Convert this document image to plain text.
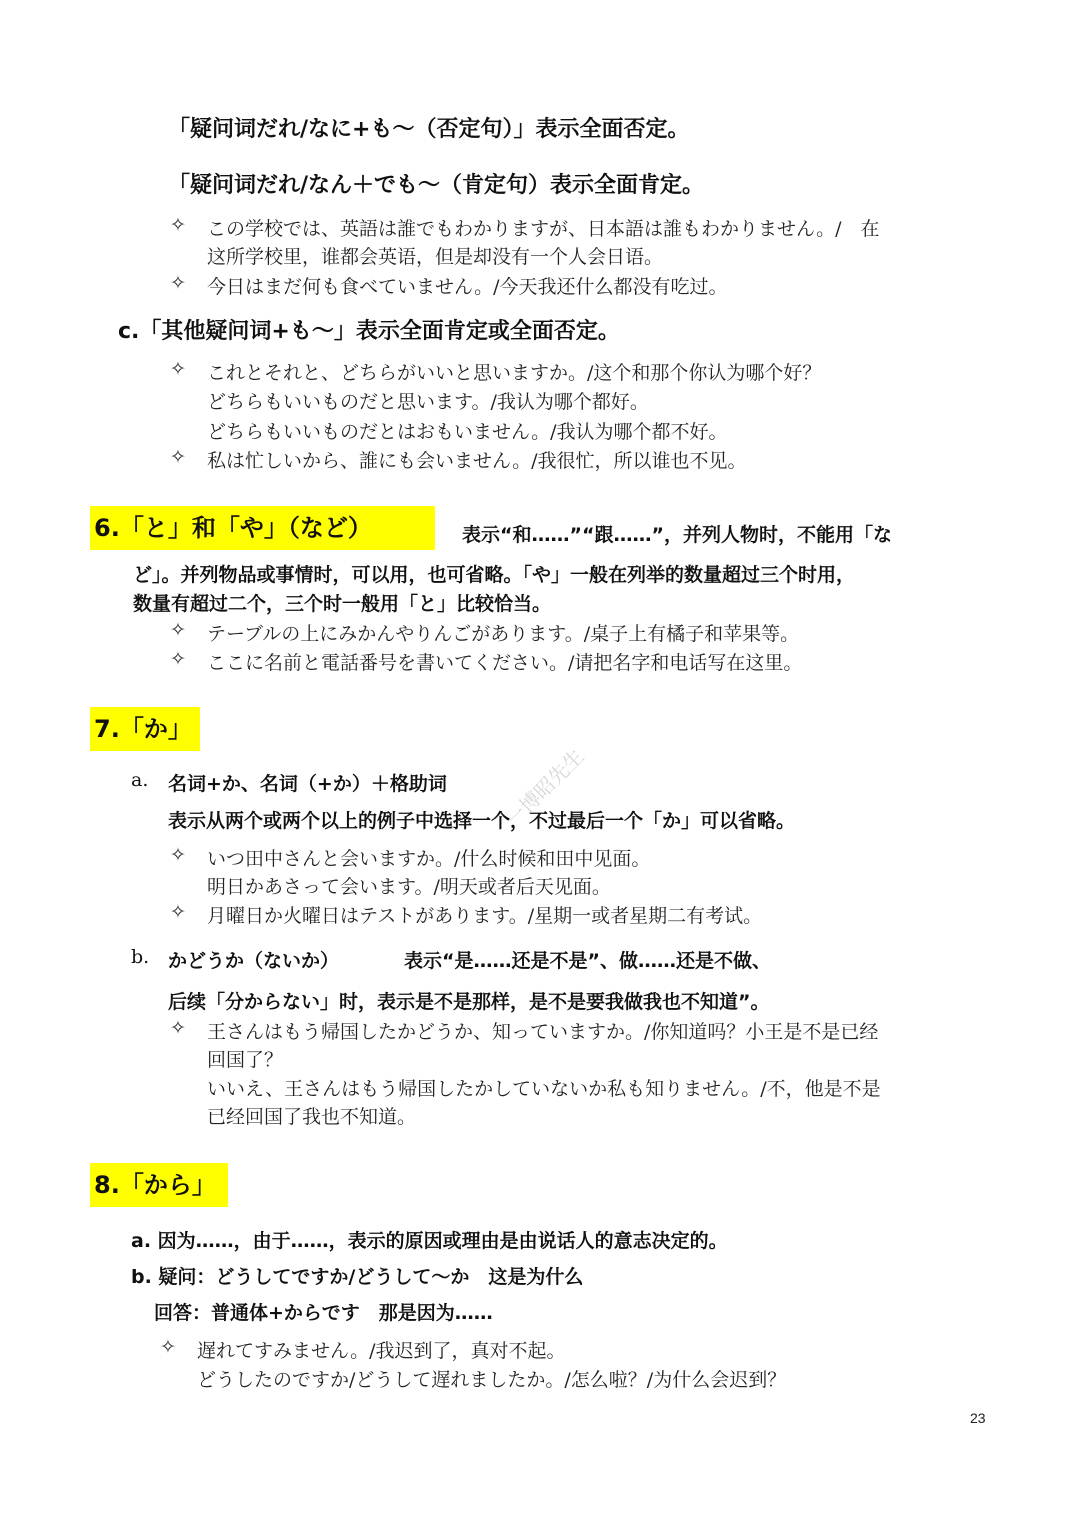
「疑问词だれ/なに+も～（否定句）」表示全面否定。
「疑问词だれ/なん＋でも～（肯定句）表示全面肯定。
✧ この学校では、英語は誰でもわかりますが、日本語は誰もわかりません。/　在
这所学校里，谁都会英语，但是却没有一个人会日语。
✧ 今日はまだ何も食べていません。/今天我还什么都没有吃过。
c.「其他疑问词+も～」表示全面肯定或全面否定。
✧ これとそれと、どちらがいいと思いますか。/这个和那个你认为哪个好？
どちらもいいものだと思います。/我认为哪个都好。
どちらもいいものだとはおもいません。/我认为哪个都不好。
✧ 私は忙しいから、誰にも会いません。/我很忙，所以谁也不见。
6.「と」和「や」（など）	表示“和……”“跟……”，并列人物时，不能用「な
ど」。并列物品或事情时，可以用，也可省略。「や」一般在列举的数量超过三个时用，
数量有超过二个，三个时一般用「と」比较恰当。
✧ テーブルの上にみかんやりんごがあります。/桌子上有橘子和苹果等。
✧ ここに名前と電話番号を書いてください。/请把名字和电话写在这里。
7.「か」
a. 名词+か、名词（+か）＋格助词
表示从两个或两个以上的例子中选择一个，不过最后一个「か」可以省略。
✧ いつ田中さんと会いますか。/什么时候和田中见面。
明日かあさって会います。/明天或者后天见面。
✧ 月曜日か火曜日はテストがあります。/星期一或者星期二有考试。
b. かどうか（ないか）	表示“是……还是不是”、做……还是不做、
后续「分からない」时，表示是不是那样，是不是要我做我也不知道”。
✧ 王さんはもう帰国したかどうか、知っていますか。/你知道吗？小王是不是已经
回国了？
いいえ、王さんはもう帰国したかしていないか私も知りません。/不，他是不是
已经回国了我也不知道。
8.「から」
a. 因为……，由于……，表示的原因或理由是由说话人的意志决定的。
b. 疑问：どうしてですか/どうして～か　这是为什么
回答：普通体+からです　那是因为……
✧ 遅れてすみません。/我迟到了，真对不起。
どうしたのですか/どうして遅れましたか。/怎么啦？/为什么会迟到？
一博昭先生
23
